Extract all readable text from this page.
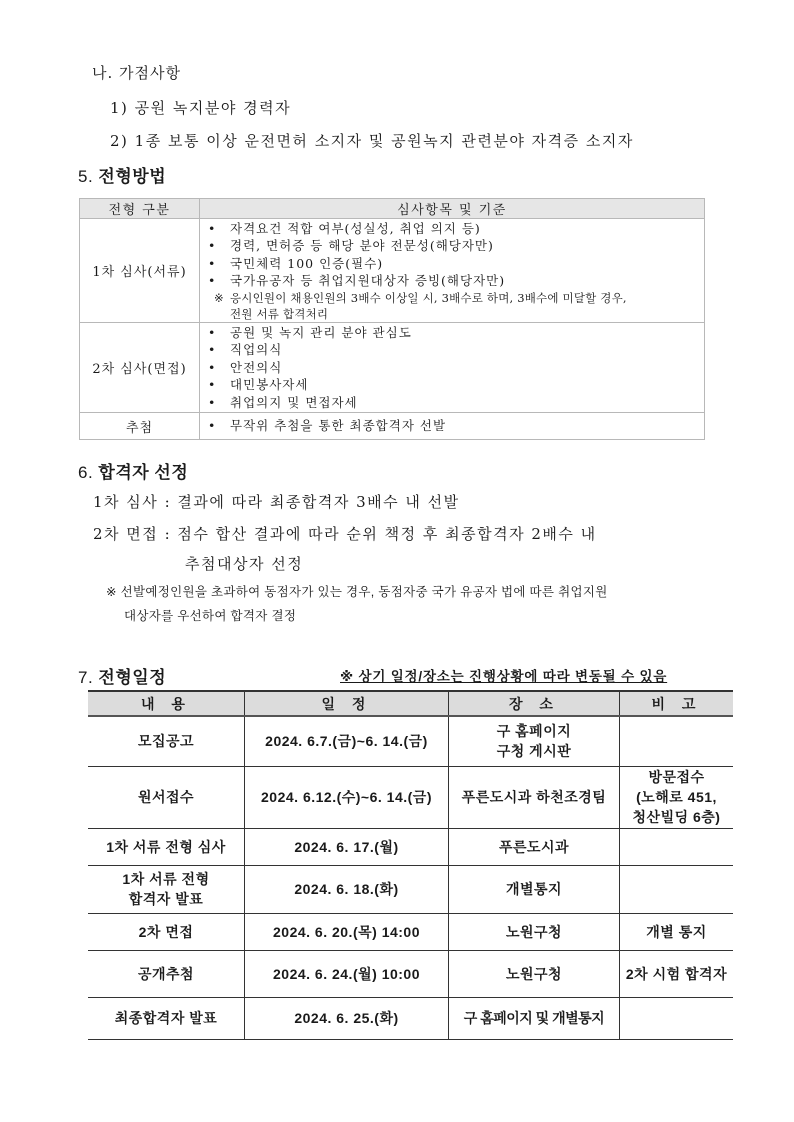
나. 가점사항
1) 공원 녹지분야 경력자
2) 1종 보통 이상 운전면허 소지자 및 공원녹지 관련분야 자격증 소지자
5. 전형방법
전형 구분	심사항목 및 기준
1차 심사(서류)	
• 자격요건 적합 여부(성실성, 취업 의지 등)
• 경력, 면허증 등 해당 분야 전문성(해당자만)
• 국민체력 100 인증(필수)
• 국가유공자 등 취업지원대상자 증빙(해당자만)
※ 응시인원이 채용인원의 3배수 이상일 시, 3배수로 하며, 3배수에 미달할 경우,
전원 서류 합격처리

2차 심사(면접)	
• 공원 및 녹지 관리 분야 관심도
• 직업의식
• 안전의식
• 대민봉사자세
• 취업의지 및 면접자세

추첨	• 무작위 추첨을 통한 최종합격자 선발
6. 합격자 선정
1차 심사 : 결과에 따라 최종합격자 3배수 내 선발
2차 면접 : 점수 합산 결과에 따라 순위 책정 후 최종합격자 2배수 내
추첨대상자 선정
※ 선발예정인원을 초과하여 동점자가 있는 경우, 동점자중 국가 유공자 법에 따른 취업지원
대상자를 우선하여 합격자 결정
7. 전형일정	※ 상기 일정/장소는 진행상황에 따라 변동될 수 있음
내 용	일 정	장 소	비 고
모집공고	2024. 6.7.(금)~6. 14.(금)	구 홈페이지
구청 게시판	
원서접수	2024. 6.12.(수)~6. 14.(금)	푸른도시과 하천조경팀	방문접수
(노해로 451,
청산빌딩 6층)
1차 서류 전형 심사	2024. 6. 17.(월)	푸른도시과	
1차 서류 전형
합격자 발표	2024. 6. 18.(화)	개별통지	
2차 면접	2024. 6. 20.(목) 14:00	노원구청	개별 통지
공개추첨	2024. 6. 24.(월) 10:00	노원구청	2차 시험 합격자
최종합격자 발표	2024. 6. 25.(화)	구 홈페이지 및 개별통지	
